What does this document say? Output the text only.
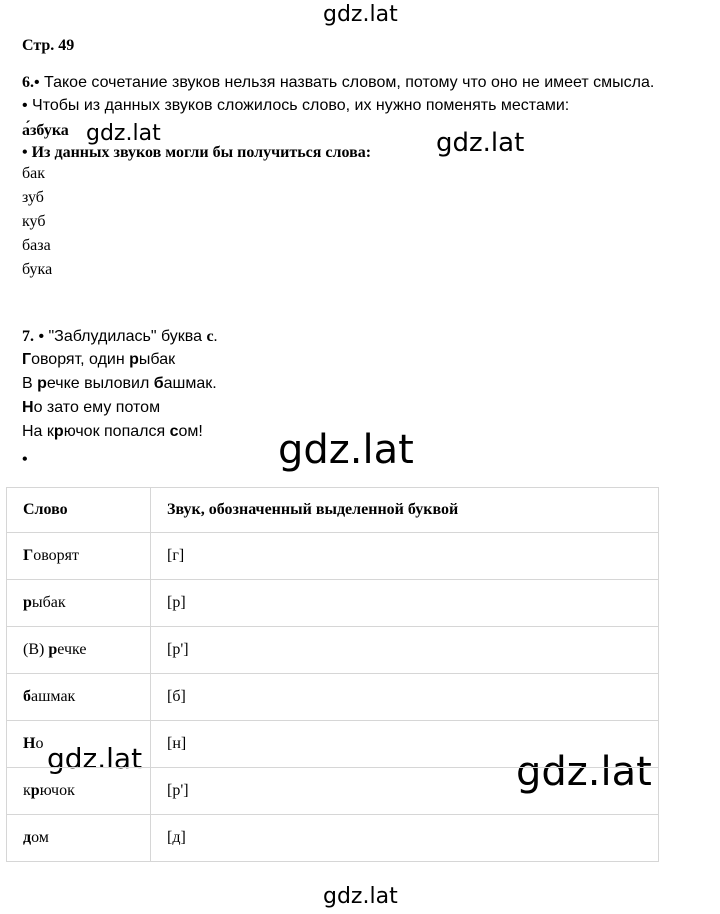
gdz.lat
gdz.lat	gdz.lat
gdz.lat
gdz.lat	gdz.lat
gdz.lat
Стр. 49
6.• Такое сочетание звуков нельзя назвать словом, потому что оно не имеет смысла.
• Чтобы из данных звуков сложилось слово, их нужно поменять местами:
а́збука
• Из данных звуков могли бы получиться слова:
бак
зуб
куб
база
бука
7. • "Заблудилась" буква с.
Говорят, один рыбак
В речке выловил башмак.
Но зато ему потом
На крючок попался сом!
•
Слово	Звук, обозначенный выделенной буквой
Говорят	[г]
рыбак	[р]
(В) речке	[р']
башмак	[б]
Но	[н]
крючок	[р']
дом	[д]
